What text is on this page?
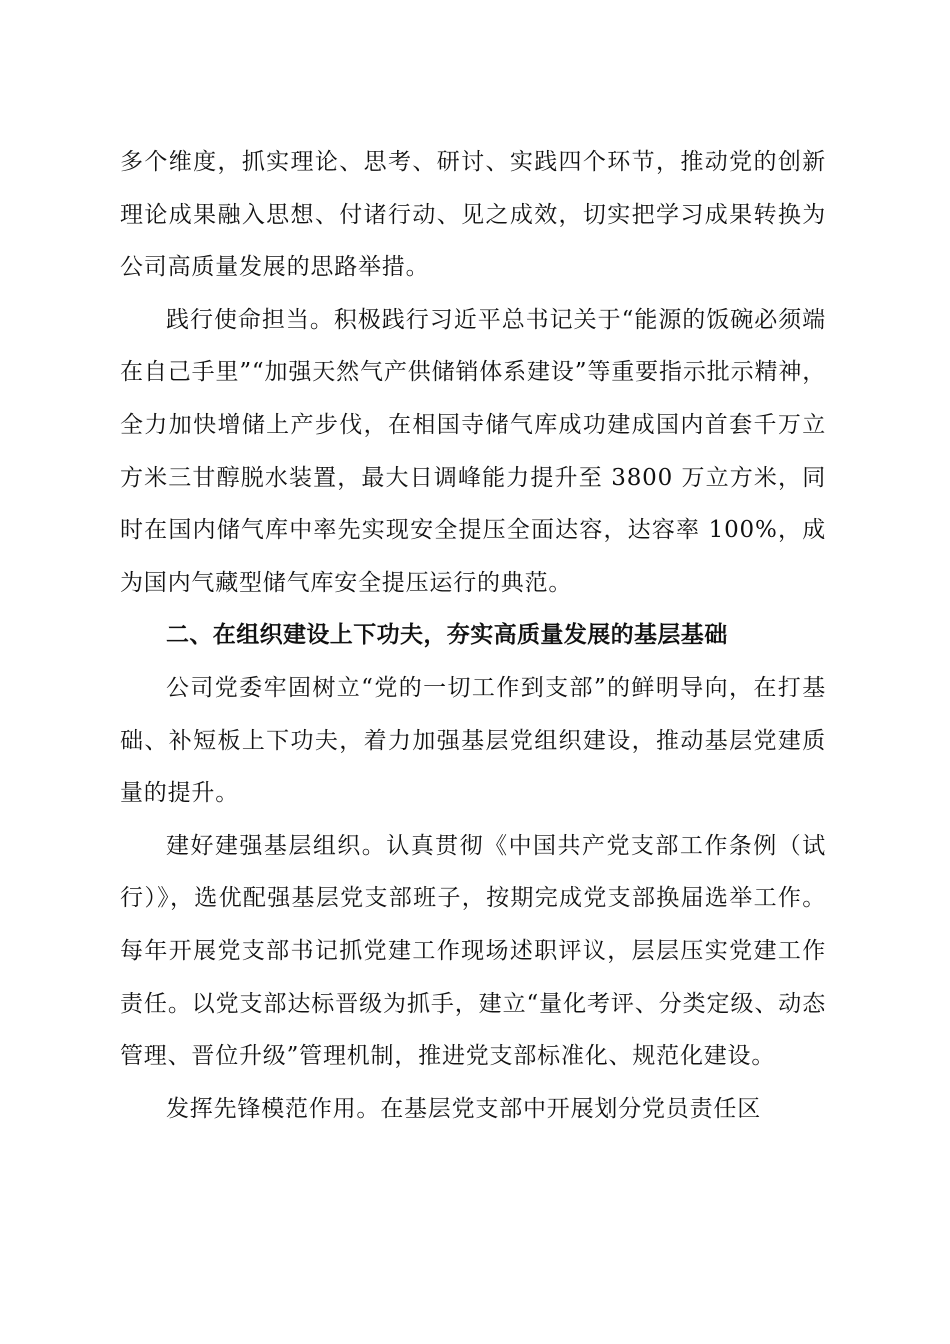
多个维度，抓实理论、思考、研讨、实践四个环节，推动党的创新理论成果融入思想、付诸行动、见之成效，切实把学习成果转换为公司高质量发展的思路举措。

践行使命担当。积极践行习近平总书记关于“能源的饭碗必须端在自己手里”“加强天然气产供储销体系建设”等重要指示批示精神，全力加快增储上产步伐，在相国寺储气库成功建成国内首套千万立方米三甘醇脱水装置，最大日调峰能力提升至 3800 万立方米，同时在国内储气库中率先实现安全提压全面达容，达容率 100%，成为国内气藏型储气库安全提压运行的典范。

二、在组织建设上下功夫，夯实高质量发展的基层基础

公司党委牢固树立“党的一切工作到支部”的鲜明导向，在打基础、补短板上下功夫，着力加强基层党组织建设，推动基层党建质量的提升。

建好建强基层组织。认真贯彻《中国共产党支部工作条例（试行）》，选优配强基层党支部班子，按期完成党支部换届选举工作。每年开展党支部书记抓党建工作现场述职评议，层层压实党建工作责任。以党支部达标晋级为抓手，建立“量化考评、分类定级、动态管理、晋位升级”管理机制，推进党支部标准化、规范化建设。

发挥先锋模范作用。在基层党支部中开展划分党员责任区
